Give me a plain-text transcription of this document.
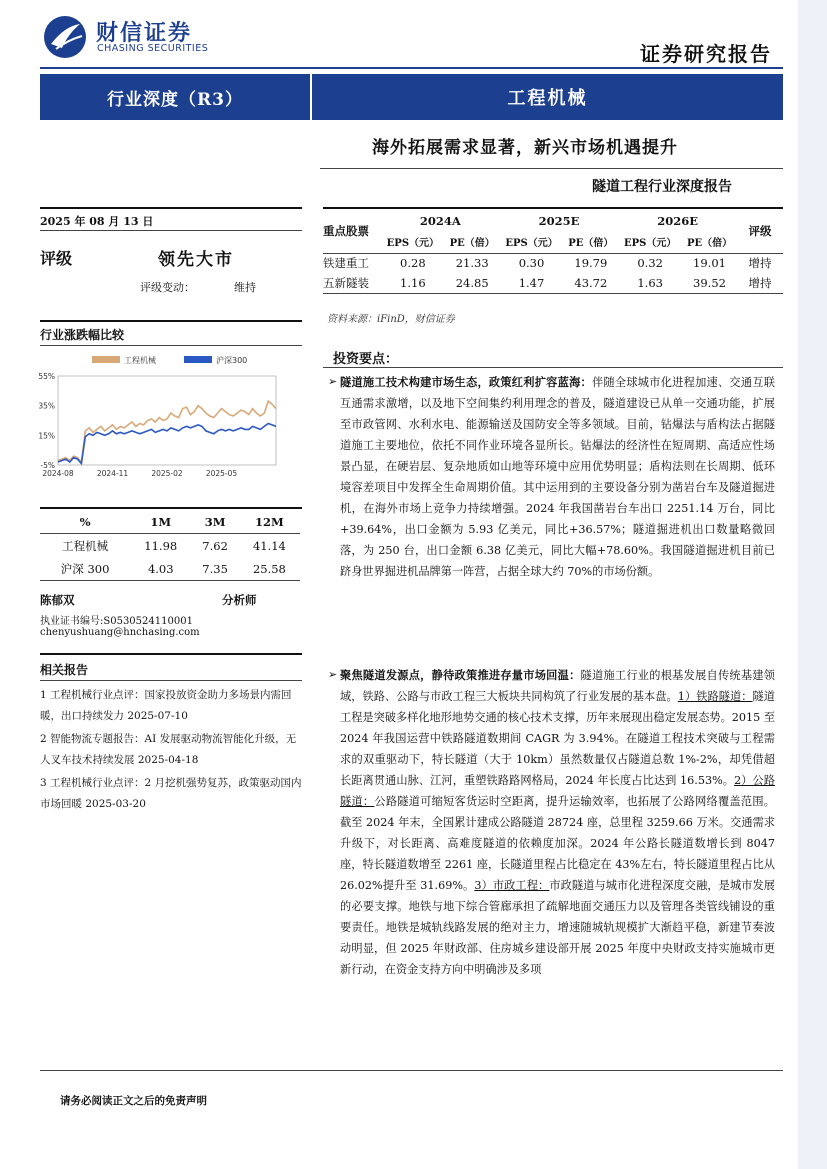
财信证券
CHASING SECURITIES	证券研究报告
行业深度（R3）	工程机械
海外拓展需求显著，新兴市场机遇提升
隧道工程行业深度报告
2025 年 08 月 13 日
评级	领先大市
评级变动：	维持
重点股票	2024A		2025E		2026E		评级
	EPS（元）	PE（倍）	EPS（元）	PE（倍）	EPS（元）	PE（倍）	
铁建重工	0.28	21.33	0.30	19.79	0.32	19.01	增持
五新隧装	1.16	24.85	1.47	43.72	1.63	39.52	增持
资料来源：iFinD，财信证券
行业涨跌幅比较
55%
35%
15%
-5%
2024-08	2024-11	2025-02	2025-05
工程机械	沪深300
%	1M	3M	12M
工程机械	11.98	7.62	41.14
沪深 300	4.03	7.35	25.58
陈郁双	分析师
执业证书编号:S0530524110001
chenyushuang@hnchasing.com
相关报告
1 工程机械行业点评：国家投放资金助力多场景内需回暖，出口持续发力 2025-07-10
2 智能物流专题报告：AI 发展驱动物流智能化升级，无人叉车技术持续发展 2025-04-18
3 工程机械行业点评：2 月挖机强势复苏，政策驱动国内市场回暖 2025-03-20
投资要点：
➢ 隧道施工技术构建市场生态，政策红利扩容蓝海：伴随全球城市化进程加速、交通互联互通需求激增，以及地下空间集约利用理念的普及，隧道建设已从单一交通功能，扩展至市政管网、水利水电、能源输送及国防安全等多领域。目前，钻爆法与盾构法占据隧道施工主要地位，依托不同作业环境各显所长。钻爆法的经济性在短周期、高适应性场景凸显，在硬岩层、复杂地质如山地等环境中应用优势明显；盾构法则在长周期、低环境容差项目中发挥全生命周期价值。其中运用到的主要设备分别为凿岩台车及隧道掘进机，在海外市场上竞争力持续增强。2024 年我国凿岩台车出口 2251.14 万台，同比+39.64%，出口金额为 5.93 亿美元，同比+36.57%；隧道掘进机出口数量略微回落，为 250 台，出口金额 6.38 亿美元，同比大幅+78.60%。我国隧道掘进机目前已跻身世界掘进机品牌第一阵营，占据全球大约 70%的市场份额。
➢ 聚焦隧道发源点，静待政策推进存量市场回温：隧道施工行业的根基发展自传统基建领域，铁路、公路与市政工程三大板块共同构筑了行业发展的基本盘。1）铁路隧道：隧道工程是突破多样化地形地势交通的核心技术支撑，历年来展现出稳定发展态势。2015 至 2024 年我国运营中铁路隧道数期间 CAGR 为 3.94%。在隧道工程技术突破与工程需求的双重驱动下，特长隧道（大于 10km）虽然数量仅占隧道总数 1%-2%，却凭借超长距离贯通山脉、江河，重塑铁路路网格局，2024 年长度占比达到 16.53%。2）公路隧道：公路隧道可缩短客货运时空距离，提升运输效率，也拓展了公路网络覆盖范围。截至 2024 年末，全国累计建成公路隧道 28724 座，总里程 3259.66 万米。交通需求升级下，对长距离、高难度隧道的依赖度加深。2024 年公路长隧道数增长到 8047 座，特长隧道数增至 2261 座，长隧道里程占比稳定在 43%左右，特长隧道里程占比从 26.02%提升至 31.69%。3）市政工程：市政隧道与城市化进程深度交融，是城市发展的必要支撑。地铁与地下综合管廊承担了疏解地面交通压力以及管理各类管线铺设的重要责任。地铁是城轨线路发展的绝对主力，增速随城轨规模扩大渐趋平稳，新建节奏波动明显，但 2025 年财政部、住房城乡建设部开展 2025 年度中央财政支持实施城市更新行动，在资金支持方向中明确涉及多项
请务必阅读正文之后的免责声明
